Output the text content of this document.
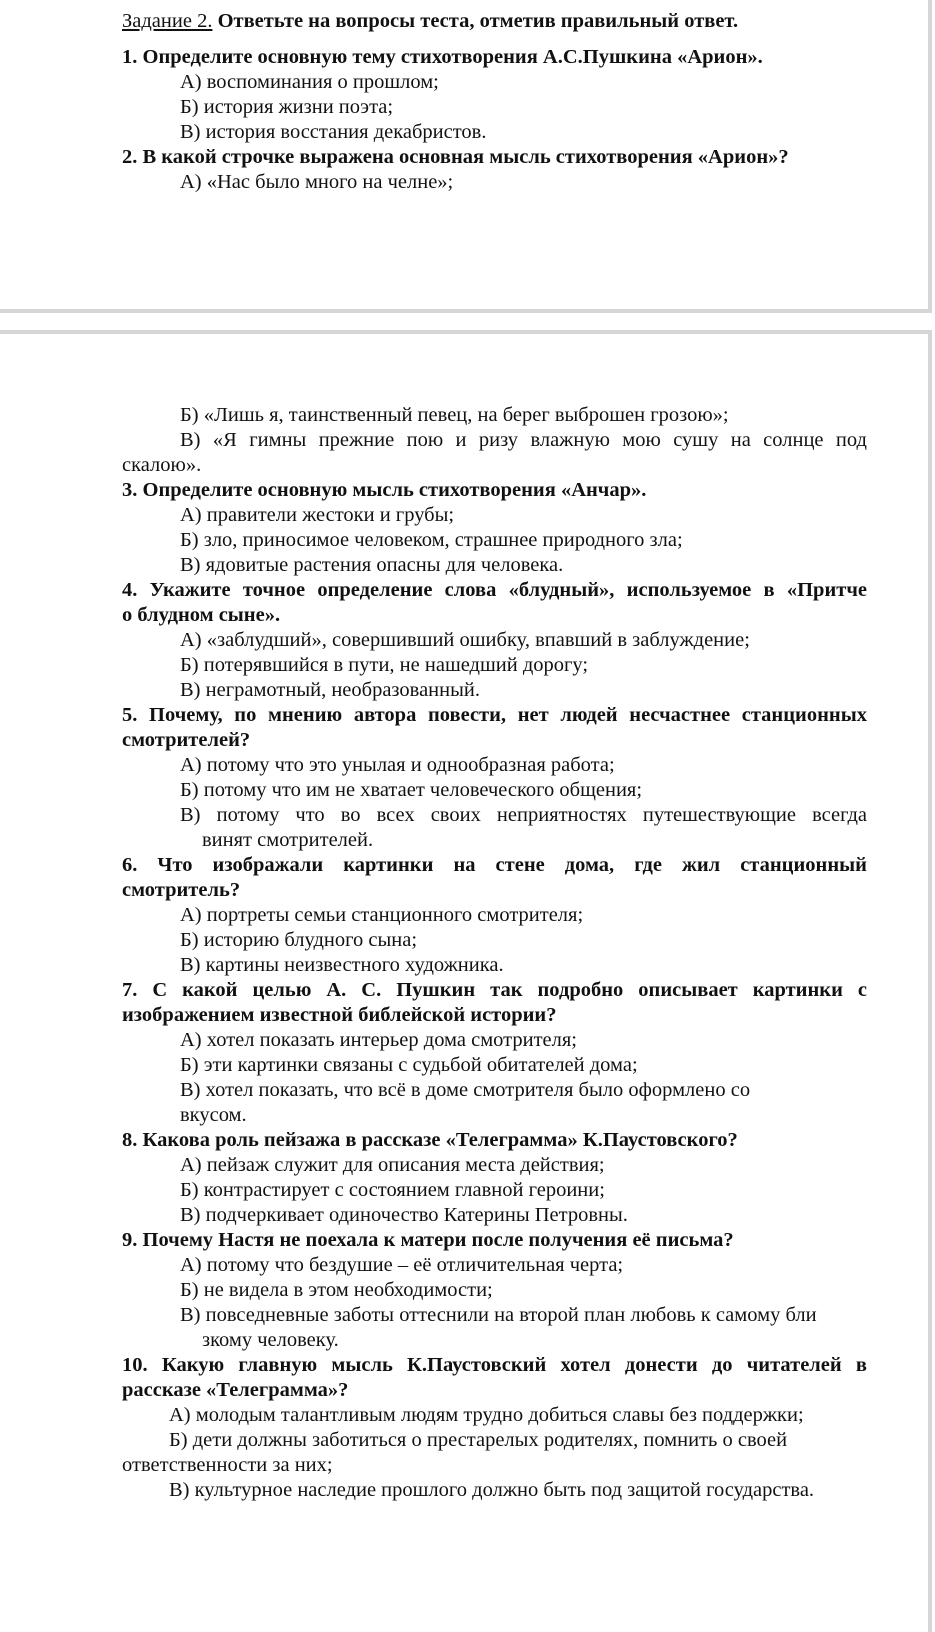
Задание 2. Ответьте на вопросы теста, отметив правильный ответ.
1. Определите основную тему стихотворения А.С.Пушкина «Арион».
А) воспоминания о прошлом;
Б) история жизни поэта;
В) история восстания декабристов.
2. В какой строчке выражена основная мысль стихотворения «Арион»?
А) «Нас было много на челне»;
Б) «Лишь я, таинственный певец, на берег выброшен грозою»;
В) «Я гимны прежние пою и ризу влажную мою сушу на солнце под
скалою».
3. Определите основную мысль стихотворения «Анчар».
А) правители жестоки и грубы;
Б) зло, приносимое человеком, страшнее природного зла;
В) ядовитые растения опасны для человека.
4. Укажите точное определение слова «блудный», используемое в «Притче
о блудном сыне».
А) «заблудший», совершивший ошибку, впавший в заблуждение;
Б) потерявшийся в пути, не нашедший дорогу;
В) неграмотный, необразованный.
5. Почему, по мнению автора повести, нет людей несчастнее станционных
смотрителей?
А) потому что это унылая и однообразная работа;
Б) потому что им не хватает человеческого общения;
В) потому что во всех своих неприятностях путешествующие всегда
винят смотрителей.
6. Что изображали картинки на стене дома, где жил станционный
смотритель?
А) портреты семьи станционного смотрителя;
Б) историю блудного сына;
В) картины неизвестного художника.
7. С какой целью А. С. Пушкин так подробно описывает картинки с
изображением известной библейской истории?
А) хотел показать интерьер дома смотрителя;
Б) эти картинки связаны с судьбой обитателей дома;
В) хотел показать, что всё в доме смотрителя было оформлено со
вкусом.
8. Какова роль пейзажа в рассказе «Телеграмма» К.Паустовского?
А) пейзаж служит для описания места действия;
Б) контрастирует с состоянием главной героини;
В) подчеркивает одиночество Катерины Петровны.
9. Почему Настя не поехала к матери после получения её письма?
А) потому что бездушие – её отличительная черта;
Б) не видела в этом необходимости;
В) повседневные заботы оттеснили на второй план любовь к самому бли
зкому человеку.
10. Какую главную мысль К.Паустовский хотел донести до читателей в
рассказе «Телеграмма»?
А) молодым талантливым людям трудно добиться славы без поддержки;
Б) дети должны заботиться о престарелых родителях, помнить о своей
ответственности за них;
В) культурное наследие прошлого должно быть под защитой государства.
